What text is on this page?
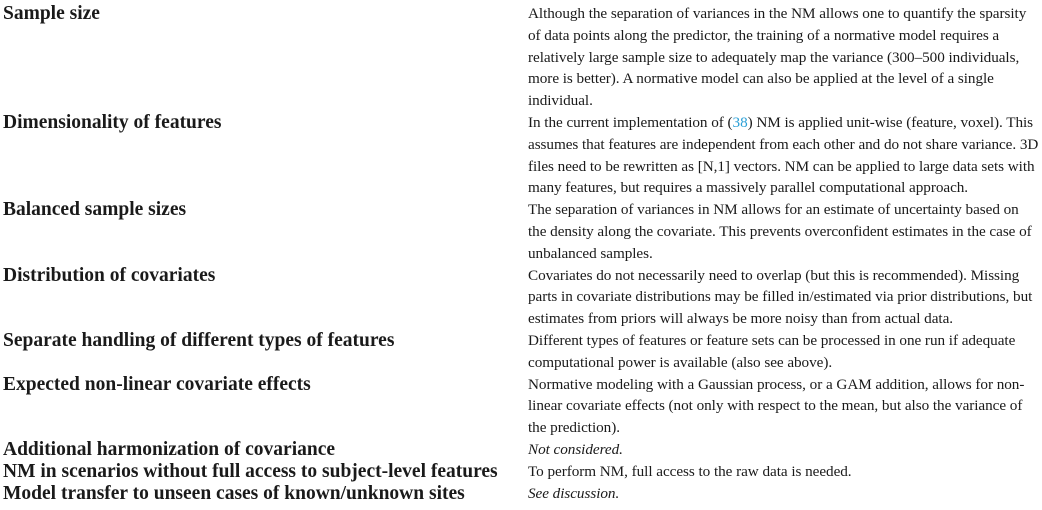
Sample size	Although the separation of variances in the NM allows one to quantify the sparsity of data points along the predictor, the training of a normative model requires a relatively large sample size to adequately map the variance (300–500 individuals, more is better). A normative model can also be applied at the level of a single individual.
Dimensionality of features	In the current implementation of (38) NM is applied unit-wise (feature, voxel). This assumes that features are independent from each other and do not share variance. 3D files need to be rewritten as [N,1] vectors. NM can be applied to large data sets with many features, but requires a massively parallel computational approach.
Balanced sample sizes	The separation of variances in NM allows for an estimate of uncertainty based on the density along the covariate. This prevents overconfident estimates in the case of unbalanced samples.
Distribution of covariates	Covariates do not necessarily need to overlap (but this is recommended). Missing parts in covariate distributions may be filled in/estimated via prior distributions, but estimates from priors will always be more noisy than from actual data.
Separate handling of different types of features	Different types of features or feature sets can be processed in one run if adequate computational power is available (also see above).
Expected non-linear covariate effects	Normative modeling with a Gaussian process, or a GAM addition, allows for non-linear covariate effects (not only with respect to the mean, but also the variance of the prediction).
Additional harmonization of covariance	Not considered.
NM in scenarios without full access to subject-level features	To perform NM, full access to the raw data is needed.
Model transfer to unseen cases of known/unknown sites	See discussion.
